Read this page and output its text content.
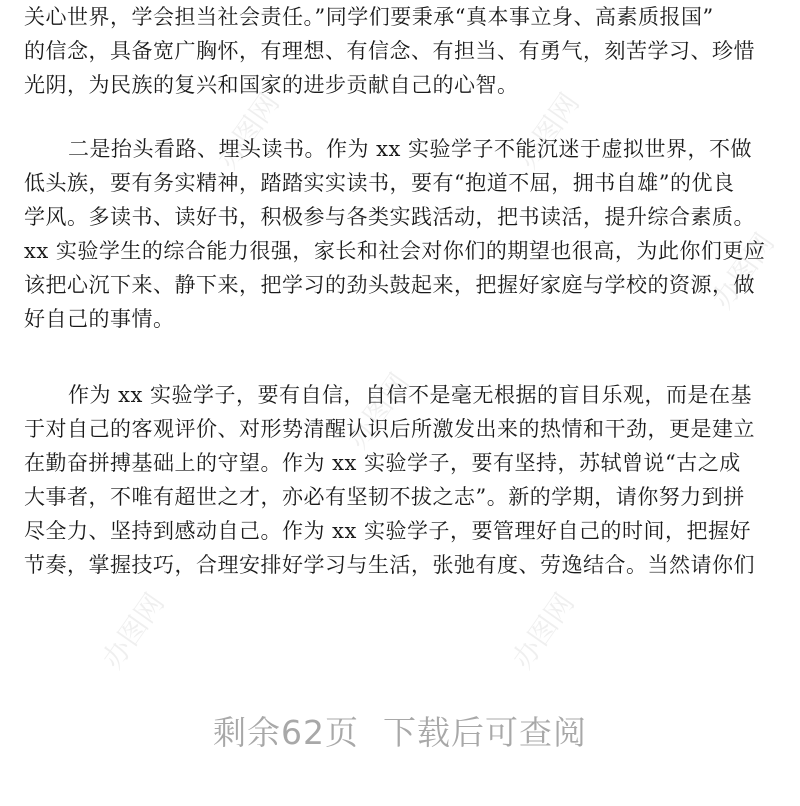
办图网	办图网
办图网
办图网
办图网	办图网
关心世界，学会担当社会责任。”同学们要秉承“真本事立身、高素质报国”
的信念，具备宽广胸怀，有理想、有信念、有担当、有勇气，刻苦学习、珍惜
光阴，为民族的复兴和国家的进步贡献自己的心智。
二是抬头看路、埋头读书。作为 xx 实验学子不能沉迷于虚拟世界，不做
低头族，要有务实精神，踏踏实实读书，要有“抱道不屈，拥书自雄”的优良
学风。多读书、读好书，积极参与各类实践活动，把书读活，提升综合素质。
xx 实验学生的综合能力很强，家长和社会对你们的期望也很高，为此你们更应
该把心沉下来、静下来，把学习的劲头鼓起来，把握好家庭与学校的资源，做
好自己的事情。
作为 xx 实验学子，要有自信，自信不是毫无根据的盲目乐观，而是在基
于对自己的客观评价、对形势清醒认识后所激发出来的热情和干劲，更是建立
在勤奋拼搏基础上的守望。作为 xx 实验学子，要有坚持，苏轼曾说“古之成
大事者，不唯有超世之才，亦必有坚韧不拔之志”。新的学期，请你努力到拼
尽全力、坚持到感动自己。作为 xx 实验学子，要管理好自己的时间，把握好
节奏，掌握技巧，合理安排好学习与生活，张弛有度、劳逸结合。当然请你们
剩余62页 下载后可查阅
